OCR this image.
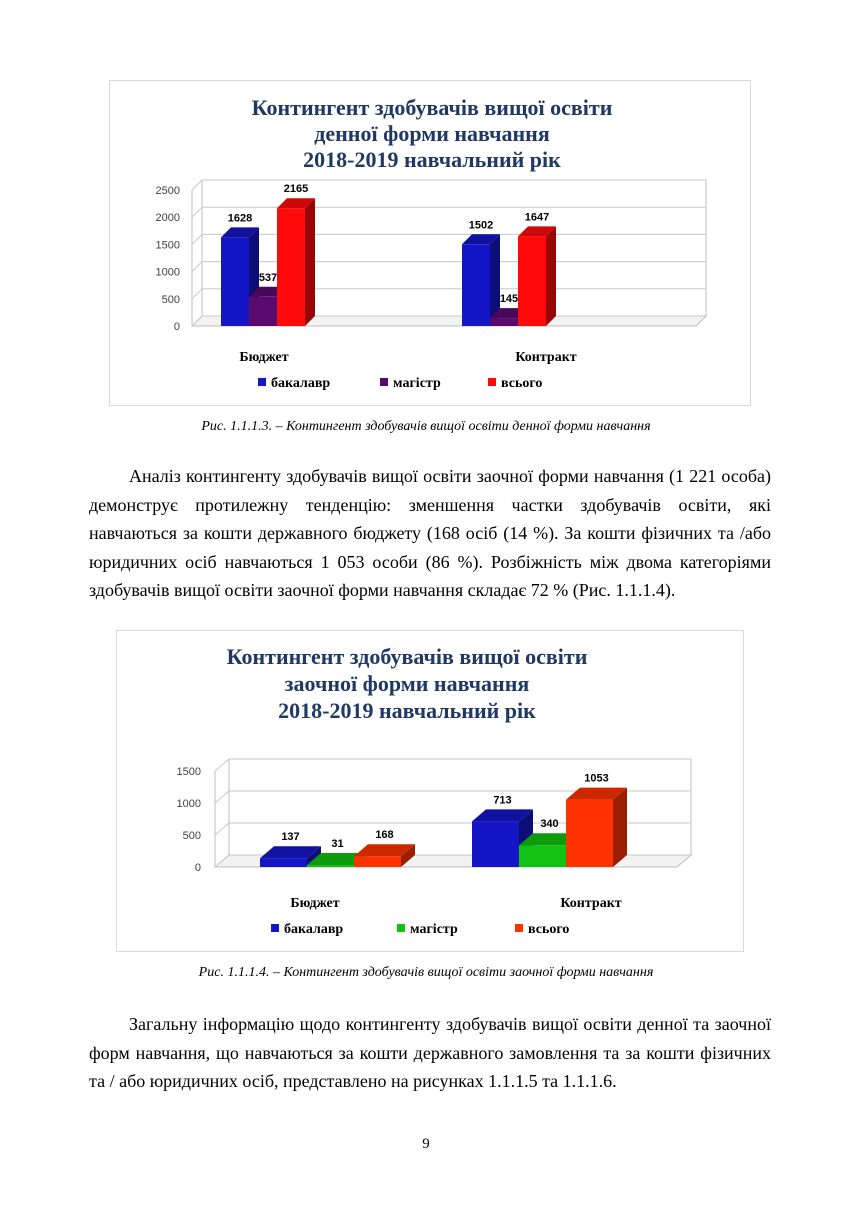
Контингент здобувачів вищої освіти
денної форми навчання
2018-2019 навчальний рік
0
500
1000
1500
2000
2500
1628
537
2165
Бюджет
1502
145
1647
Контракт
бакалавр	магістр	всього
Рис. 1.1.1.3. – Контингент здобувачів вищої освіти денної форми навчання

Аналіз контингенту здобувачів вищої освіти заочної форми навчання (1 221 особа) демонструє протилежну тенденцію: зменшення частки здобувачів освіти, які навчаються за кошти державного бюджету (168 осіб (14 %). За кошти фізичних та /або юридичних осіб навчаються 1 053 особи (86 %). Розбіжність між двома категоріями здобувачів вищої освіти заочної форми навчання складає 72 % (Рис. 1.1.1.4).

Контингент здобувачів вищої освіти
заочної форми навчання
2018-2019 навчальний рік
0
500
1000
1500
137
31
168
Бюджет
713
340
1053
Контракт
бакалавр	магістр	всього
Рис. 1.1.1.4. – Контингент здобувачів вищої освіти заочної форми навчання

Загальну інформацію щодо контингенту здобувачів вищої освіти денної та заочної форм навчання, що навчаються за кошти державного замовлення та за кошти фізичних та / або юридичних осіб, представлено на рисунках 1.1.1.5 та 1.1.1.6.

9
